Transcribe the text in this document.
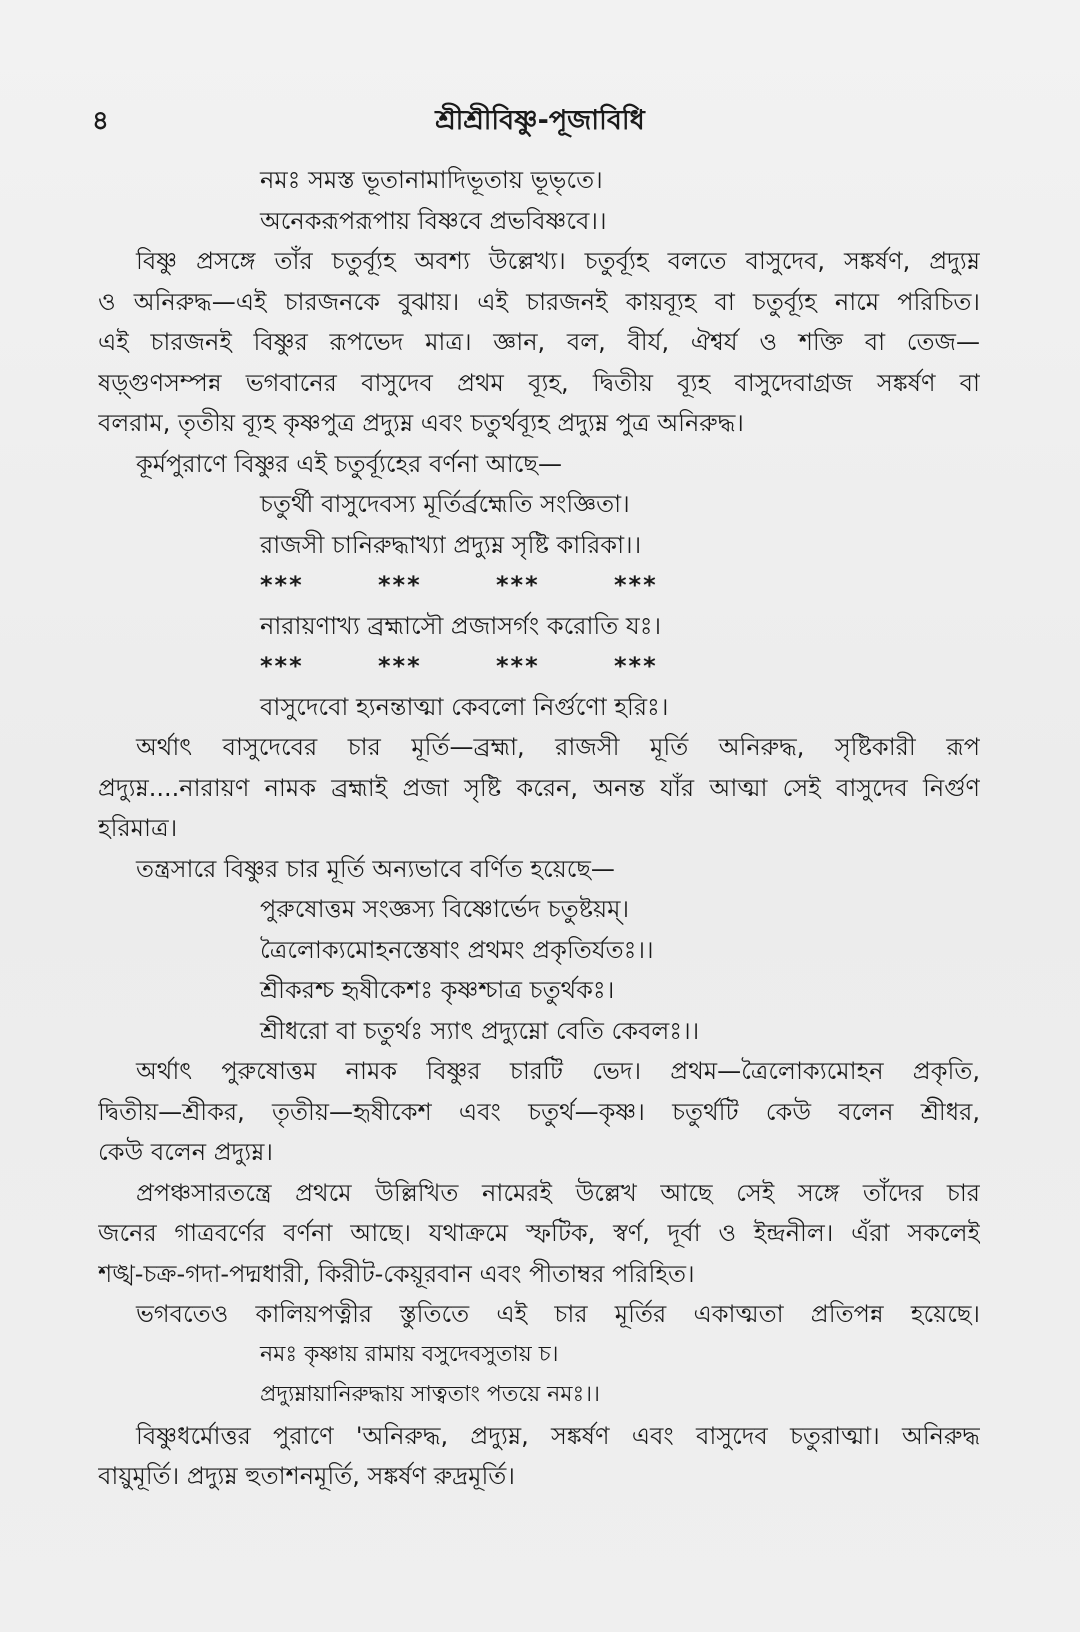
৪	শ্রীশ্রীবিষ্ণু-পূজাবিধি
নমঃ সমস্ত ভূতানামাদিভূতায় ভূভৃতে।
অনেকরূপরূপায় বিষ্ণবে প্রভবিষ্ণবে।।
বিষ্ণু প্রসঙ্গে তাঁর চতুর্ব্যূহ অবশ্য উল্লেখ্য। চতুর্ব্যূহ বলতে বাসুদেব, সঙ্কর্ষণ, প্রদ্যুম্ন
ও অনিরুদ্ধ—এই চারজনকে বুঝায়। এই চারজনই কায়ব্যূহ বা চতুর্ব্যূহ নামে পরিচিত।
এই চারজনই বিষ্ণুর রূপভেদ মাত্র। জ্ঞান, বল, বীর্য, ঐশ্বর্য ও শক্তি বা তেজ—
ষড়্গুণসম্পন্ন ভগবানের বাসুদেব প্রথম ব্যূহ, দ্বিতীয় ব্যূহ বাসুদেবাগ্রজ সঙ্কর্ষণ বা
বলরাম, তৃতীয় ব্যূহ কৃষ্ণপুত্র প্রদ্যুম্ন এবং চতুর্থব্যূহ প্রদ্যুম্ন পুত্র অনিরুদ্ধ।
কূর্মপুরাণে বিষ্ণুর এই চতুর্ব্যূহের বর্ণনা আছে—
চতুর্থী বাসুদেবস্য মূর্তির্ব্রহ্মেতি সংজ্ঞিতা।
রাজসী চানিরুদ্ধাখ্যা প্রদ্যুম্ন সৃষ্টি কারিকা।।
***	***	***	***
নারায়ণাখ্য ব্রহ্মাসৌ প্রজাসর্গং করোতি যঃ।
***	***	***	***
বাসুদেবো হ্যনন্তাত্মা কেবলো নির্গুণো হরিঃ।
অর্থাৎ বাসুদেবের চার মূর্তি—ব্রহ্মা, রাজসী মূর্তি অনিরুদ্ধ, সৃষ্টিকারী রূপ
প্রদ্যুম্ন....নারায়ণ নামক ব্রহ্মাই প্রজা সৃষ্টি করেন, অনন্ত যাঁর আত্মা সেই বাসুদেব নির্গুণ
হরিমাত্র।
তন্ত্রসারে বিষ্ণুর চার মূর্তি অন্যভাবে বর্ণিত হয়েছে—
পুরুষোত্তম সংজ্ঞস্য বিষ্ণোর্ভেদ চতুষ্টয়ম্।
ত্রৈলোক্যমোহনস্তেষাং প্রথমং প্রকৃতির্যতঃ।।
শ্রীকরশ্চ হৃষীকেশঃ কৃষ্ণশ্চাত্র চতুর্থকঃ।
শ্রীধরো বা চতুর্থঃ স্যাৎ প্রদ্যুম্নো বেতি কেবলঃ।।
অর্থাৎ পুরুষোত্তম নামক বিষ্ণুর চারটি ভেদ। প্রথম—ত্রৈলোক্যমোহন প্রকৃতি,
দ্বিতীয়—শ্রীকর, তৃতীয়—হৃষীকেশ এবং চতুর্থ—কৃষ্ণ। চতুর্থটি কেউ বলেন শ্রীধর,
কেউ বলেন প্রদ্যুম্ন।
প্রপঞ্চসারতন্ত্রে প্রথমে উল্লিখিত নামেরই উল্লেখ আছে সেই সঙ্গে তাঁদের চার
জনের গাত্রবর্ণের বর্ণনা আছে। যথাক্রমে স্ফটিক, স্বর্ণ, দূর্বা ও ইন্দ্রনীল। এঁরা সকলেই
শঙ্খ-চক্র-গদা-পদ্মধারী, কিরীট-কেয়ূরবান এবং পীতাম্বর পরিহিত।
ভগবতেও কালিয়পত্নীর স্তুতিতে এই চার মূর্তির একাত্মতা প্রতিপন্ন হয়েছে।
নমঃ কৃষ্ণায় রামায় বসুদেবসুতায় চ।
প্রদ্যুম্নায়ানিরুদ্ধায় সাত্বতাং পতয়ে নমঃ।।
বিষ্ণুধর্মোত্তর পুরাণে 'অনিরুদ্ধ, প্রদ্যুম্ন, সঙ্কর্ষণ এবং বাসুদেব চতুরাত্মা। অনিরুদ্ধ
বায়ুমূর্তি। প্রদ্যুম্ন হুতাশনমূর্তি, সঙ্কর্ষণ রুদ্রমূর্তি।
